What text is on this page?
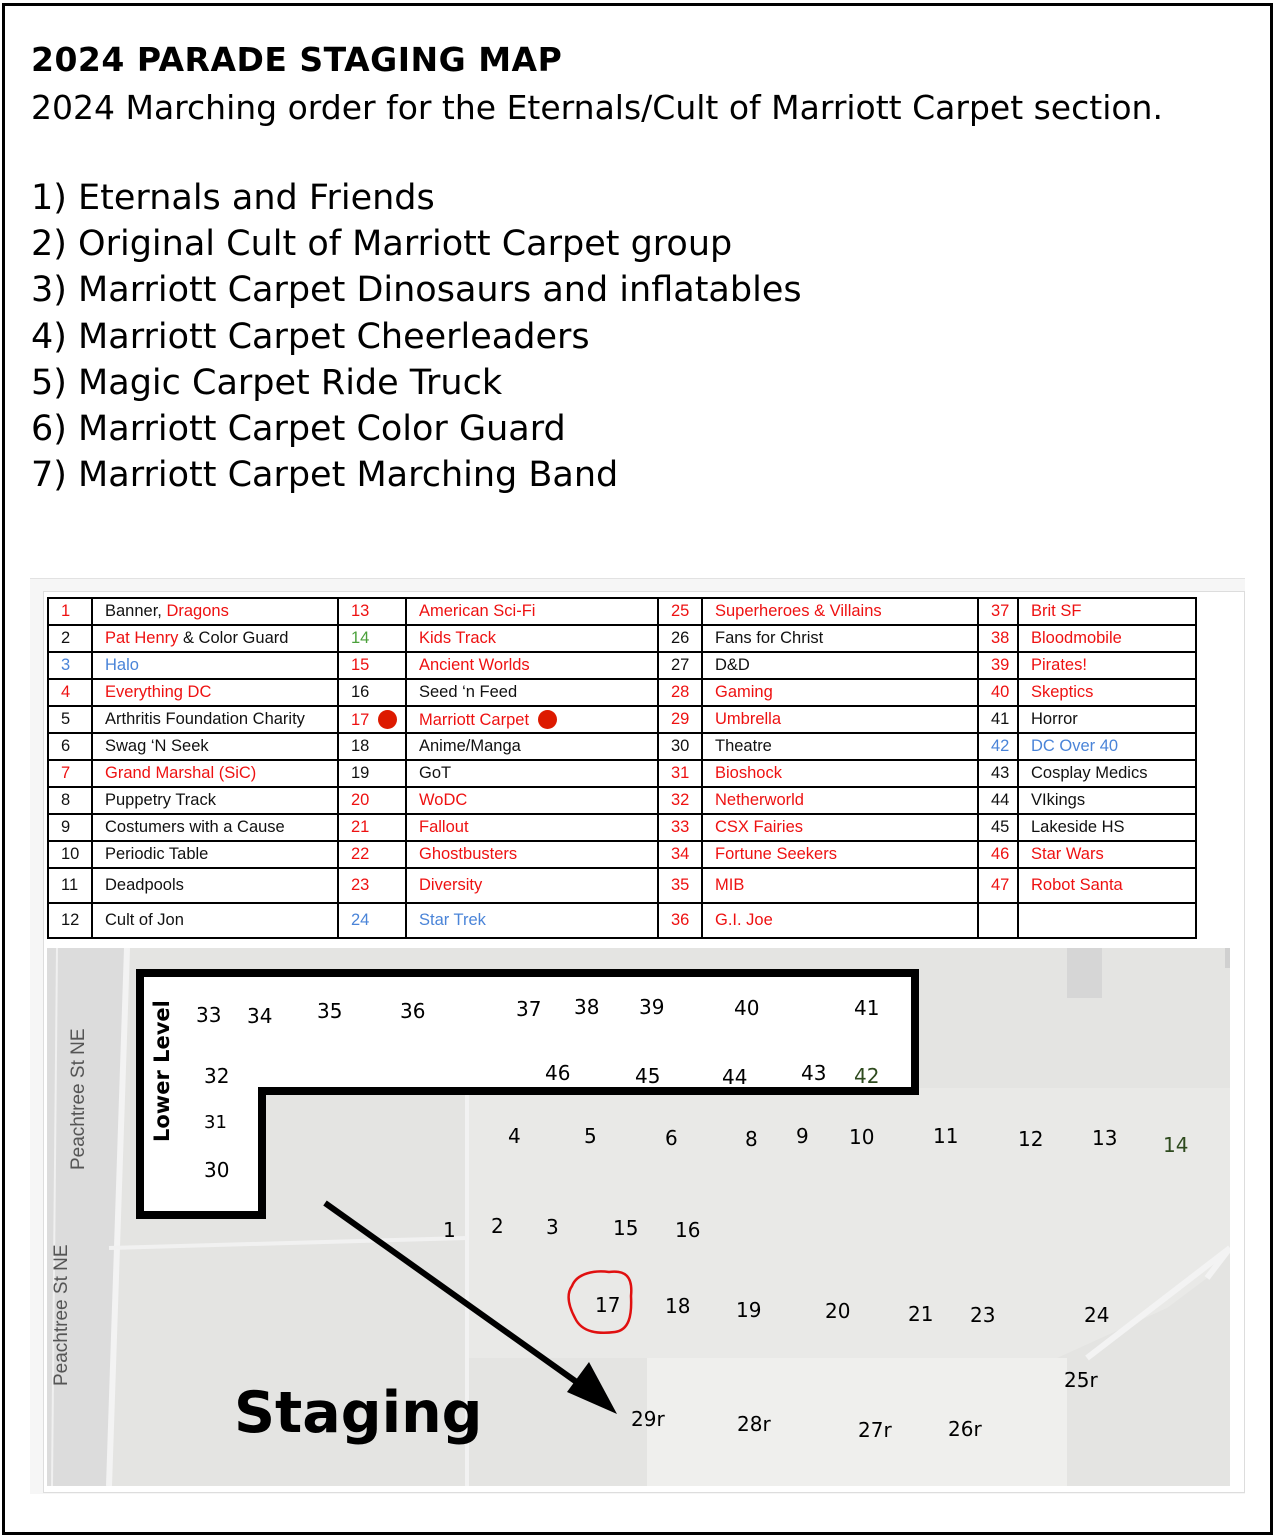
2024 PARADE STAGING MAP
2024 Marching order for the Eternals/Cult of Marriott Carpet section.
1) Eternals and Friends
2) Original Cult of Marriott Carpet group
3) Marriott Carpet Dinosaurs and inflatables
4) Marriott Carpet Cheerleaders
5) Magic Carpet Ride Truck
6) Marriott Carpet Color Guard
7) Marriott Carpet Marching Band
1	Banner, Dragons	13	American Sci-Fi	25	Superheroes & Villains	37	Brit SF
2	Pat Henry & Color Guard	14	Kids Track	26	Fans for Christ	38	Bloodmobile
3	Halo	15	Ancient Worlds	27	D&D	39	Pirates!
4	Everything DC	16	Seed ‘n Feed	28	Gaming	40	Skeptics
5	Arthritis Foundation Charity	17	Marriott Carpet	29	Umbrella	41	Horror
6	Swag ‘N Seek	18	Anime/Manga	30	Theatre	42	DC Over 40
7	Grand Marshal (SiC)	19	GoT	31	Bioshock	43	Cosplay Medics
8	Puppetry Track	20	WoDC	32	Netherworld	44	VIkings
9	Costumers with a Cause	21	Fallout	33	CSX Fairies	45	Lakeside HS
10	Periodic Table	22	Ghostbusters	34	Fortune Seekers	46	Star Wars
11	Deadpools	23	Diversity	35	MIB	47	Robot Santa
12	Cult of Jon	24	Star Trek	36	G.I. Joe		
33 34 35	36	37 38 39	40	41
32	46	45	44	43 42
31
30
4	5	6	8 9 10	11	12 13 14
1 2 3	15 16
17 18 19	20	21 23	24
25r
29r	28r	27r	26r
Lower Level
Peachtree St NE
Peachtree St NE
Staging
